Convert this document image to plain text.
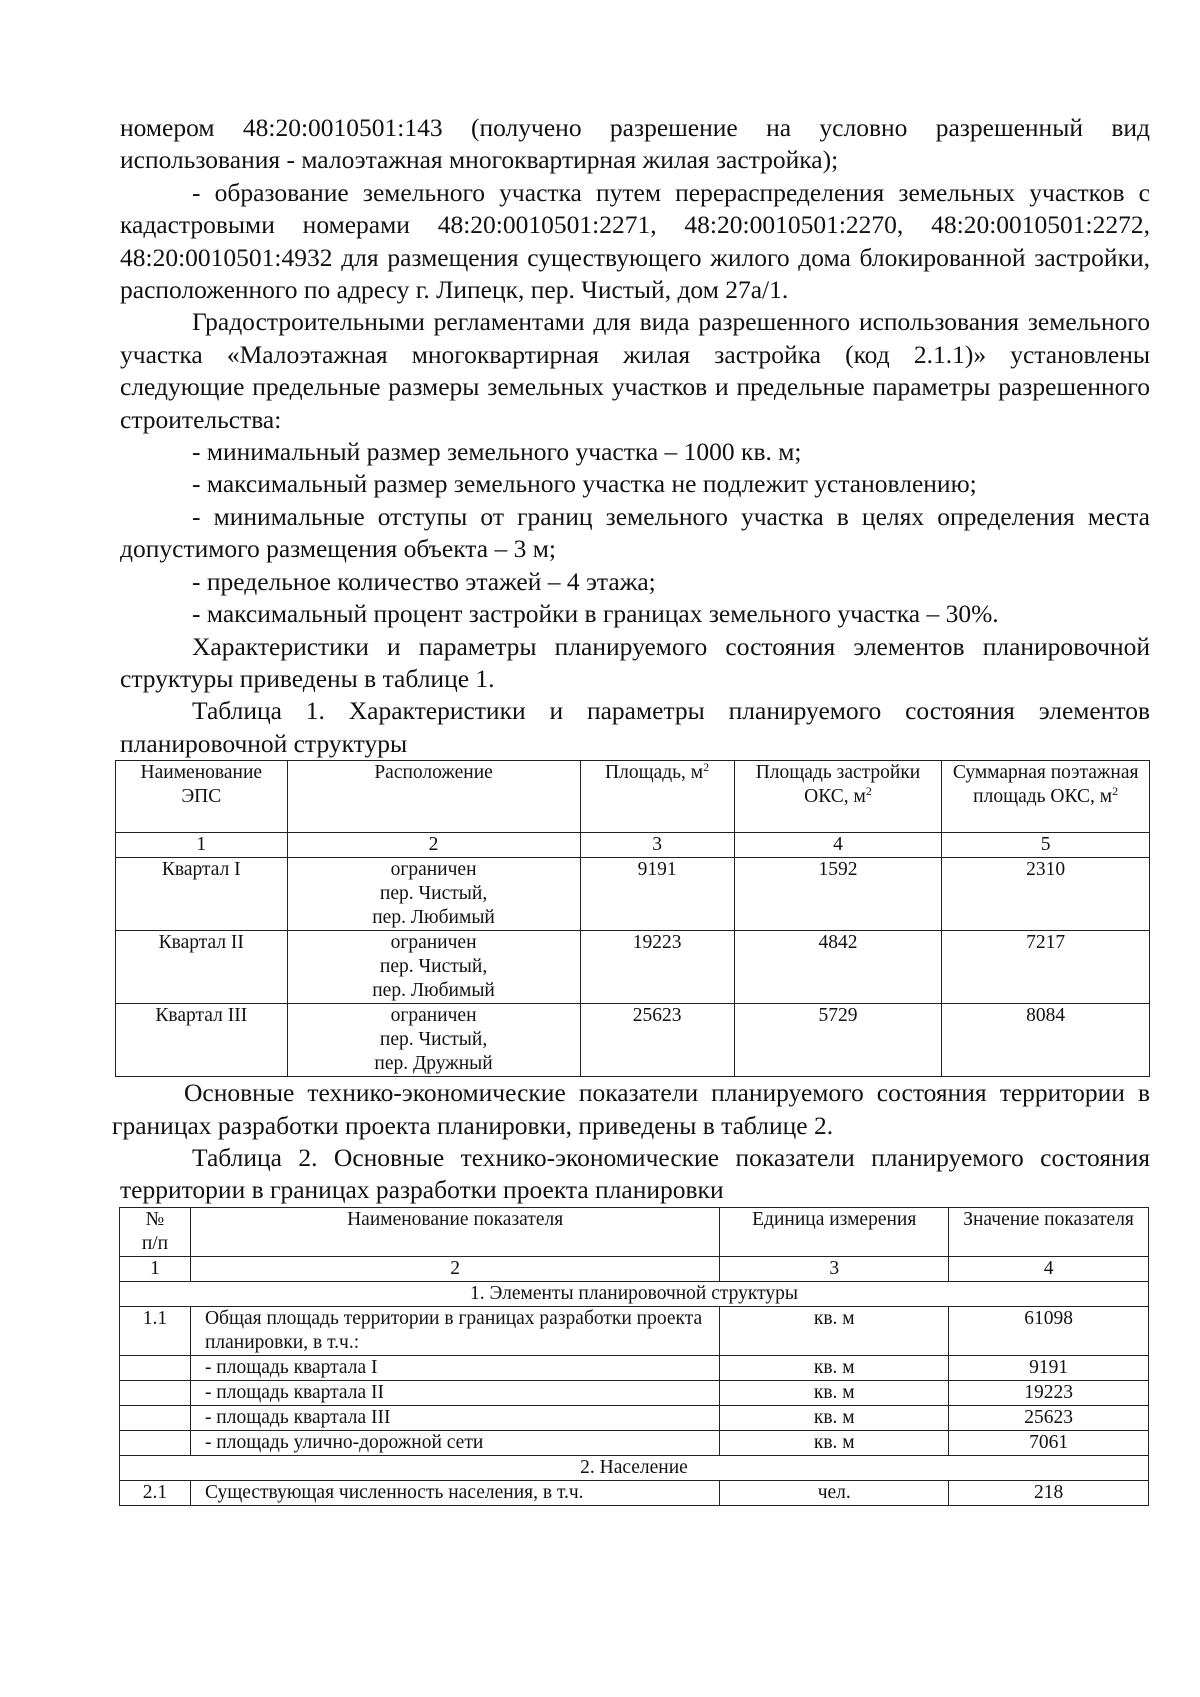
номером 48:20:0010501:143 (получено разрешение на условно разрешенный вид использования - малоэтажная многоквартирная жилая застройка);

- образование земельного участка путем перераспределения земельных участков с кадастровыми номерами 48:20:0010501:2271, 48:20:0010501:2270, 48:20:0010501:2272, 48:20:0010501:4932 для размещения существующего жилого дома блокированной застройки, расположенного по адресу г. Липецк, пер. Чистый, дом 27а/1.

Градостроительными регламентами для вида разрешенного использования земельного участка «Малоэтажная многоквартирная жилая застройка (код 2.1.1)» установлены следующие предельные размеры земельных участков и предельные параметры разрешенного строительства:

- минимальный размер земельного участка – 1000 кв. м;

- максимальный размер земельного участка не подлежит установлению;

- минимальные отступы от границ земельного участка в целях определения места допустимого размещения объекта – 3 м;

- предельное количество этажей – 4 этажа;

- максимальный процент застройки в границах земельного участка – 30%.

Характеристики и параметры планируемого состояния элементов планировочной структуры приведены в таблице 1.

Таблица 1. Характеристики и параметры планируемого состояния элементов планировочной структуры

Наименование ЭПС	Расположение	Площадь, $м^2$	Площадь застройки ОКС, $м^2$	Суммарная поэтажная площадь ОКС, $м^2$
1	2	3	4	5
Квартал I	ограничен
пер. Чистый,
пер. Любимый	9191	1592	2310
Квартал II	ограничен
пер. Чистый,
пер. Любимый	19223	4842	7217
Квартал III	ограничен
пер. Чистый,
пер. Дружный	25623	5729	8084

Основные технико-экономические показатели планируемого состояния территории в границах разработки проекта планировки, приведены в таблице 2.

Таблица 2. Основные технико-экономические показатели планируемого состояния территории в границах разработки проекта планировки

№
п/п	Наименование показателя	Единица измерения	Значение показателя
1	2	3	4
1. Элементы планировочной структуры			
1.1	Общая площадь территории в границах разработки проекта планировки, в т.ч.:	кв. м	61098
	- площадь квартала I	кв. м	9191
	- площадь квартала II	кв. м	19223
	- площадь квартала III	кв. м	25623
	- площадь улично-дорожной сети	кв. м	7061
2. Население			
2.1	Существующая численность населения, в т.ч.	чел.	218
